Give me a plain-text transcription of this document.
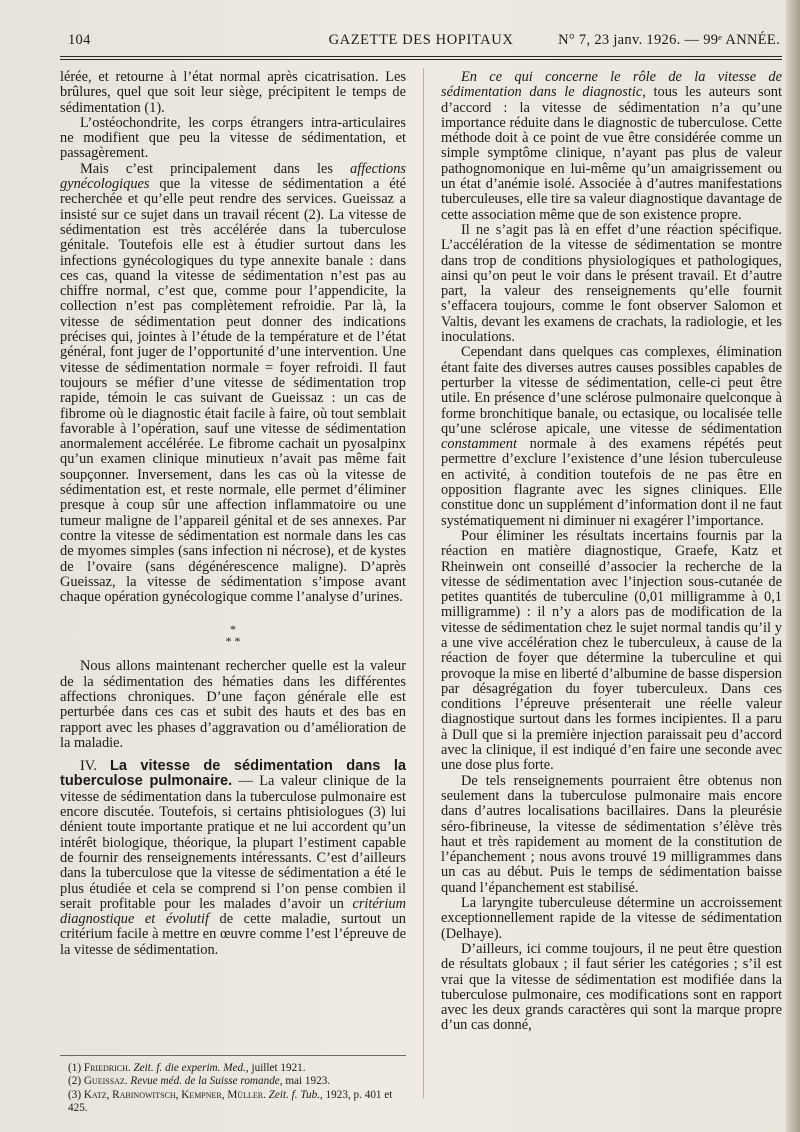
104	GAZETTE DES HOPITAUX	N° 7, 23 janv. 1926. — 99ᵉ ANNÉE.

lérée, et retourne à l’état normal après cicatrisation. Les brûlures, quel que soit leur siège, précipitent le temps de sédimentation (1).

L’ostéochondrite, les corps étrangers intra-articulaires ne modifient que peu la vitesse de sédimentation, et passagèrement.

Mais c’est principalement dans les affections gynécologiques que la vitesse de sédimentation a été recherchée et qu’elle peut rendre des services. Gueissaz a insisté sur ce sujet dans un travail récent (2). La vitesse de sédimentation est très accélérée dans la tuberculose génitale. Toutefois elle est à étudier surtout dans les infections gynécologiques du type annexite banale : dans ces cas, quand la vitesse de sédimentation n’est pas au chiffre normal, c’est que, comme pour l’appendicite, la collection n’est pas complètement refroidie. Par là, la vitesse de sédimentation peut donner des indications précises qui, jointes à l’étude de la température et de l’état général, font juger de l’opportunité d’une intervention. Une vitesse de sédimentation normale = foyer refroidi. Il faut toujours se méfier d’une vitesse de sédimentation trop rapide, témoin le cas suivant de Gueissaz : un cas de fibrome où le diagnostic était facile à faire, où tout semblait favorable à l’opération, sauf une vitesse de sédimentation anormalement accélérée. Le fibrome cachait un pyosalpinx qu’un examen clinique minutieux n’avait pas même fait soupçonner. Inversement, dans les cas où la vitesse de sédimentation est, et reste normale, elle permet d’éliminer presque à coup sûr une affection inflammatoire ou une tumeur maligne de l’appareil génital et de ses annexes. Par contre la vitesse de sédimentation est normale dans les cas de myomes simples (sans infection ni nécrose), et de kystes de l’ovaire (sans dégénérescence maligne). D’après Gueissaz, la vitesse de sédimentation s’impose avant chaque opération gynécologique comme l’analyse d’urines.

*
* *

Nous allons maintenant rechercher quelle est la valeur de la sédimentation des hématies dans les différentes affections chroniques. D’une façon générale elle est perturbée dans ces cas et subit des hauts et des bas en rapport avec les phases d’aggravation ou d’amélioration de la maladie.

IV. La vitesse de sédimentation dans la tuberculose pulmonaire. — La valeur clinique de la vitesse de sédimentation dans la tuberculose pulmonaire est encore discutée. Toutefois, si certains phtisiologues (3) lui dénient toute importante pratique et ne lui accordent qu’un intérêt biologique, théorique, la plupart l’estiment capable de fournir des renseignements intéressants. C’est d’ailleurs dans la tuberculose que la vitesse de sédimentation a été le plus étudiée et cela se comprend si l’on pense combien il serait profitable pour les malades d’avoir un critérium diagnostique et évolutif de cette maladie, surtout un critérium facile à mettre en œuvre comme l’est l’épreuve de la vitesse de sédimentation.

(1) Friedrich. Zeit. f. die experim. Med., juillet 1921.

(2) Gueissaz. Revue méd. de la Suisse romande, mai 1923.

(3) Katz, Rabinowitsch, Kempner, Müller. Zeit. f. Tub., 1923, p. 401 et 425.

En ce qui concerne le rôle de la vitesse de sédimentation dans le diagnostic, tous les auteurs sont d’accord : la vitesse de sédimentation n’a qu’une importance réduite dans le diagnostic de tuberculose. Cette méthode doit à ce point de vue être considérée comme un simple symptôme clinique, n’ayant pas plus de valeur pathognomonique en lui-même qu’un amaigrissement ou un état d’anémie isolé. Associée à d’autres manifestations tuberculeuses, elle tire sa valeur diagnostique davantage de cette association même que de son existence propre.

Il ne s’agit pas là en effet d’une réaction spécifique. L’accélération de la vitesse de sédimentation se montre dans trop de conditions physiologiques et pathologiques, ainsi qu’on peut le voir dans le présent travail. Et d’autre part, la valeur des renseignements qu’elle fournit s’effacera toujours, comme le font observer Salomon et Valtis, devant les examens de crachats, la radiologie, et les inoculations.

Cependant dans quelques cas complexes, élimination étant faite des diverses autres causes possibles capables de perturber la vitesse de sédimentation, celle-ci peut être utile. En présence d’une sclérose pulmonaire quelconque à forme bronchitique banale, ou ectasique, ou localisée telle qu’une sclérose apicale, une vitesse de sédimentation constamment normale à des examens répétés peut permettre d’exclure l’existence d’une lésion tuberculeuse en activité, à condition toutefois de ne pas être en opposition flagrante avec les signes cliniques. Elle constitue donc un supplément d’information dont il ne faut systématiquement ni diminuer ni exagérer l’importance.

Pour éliminer les résultats incertains fournis par la réaction en matière diagnostique, Graefe, Katz et Rheinwein ont conseillé d’associer la recherche de la vitesse de sédimentation avec l’injection sous-cutanée de petites quantités de tuberculine (0,01 milligramme à 0,1 milligramme) : il n’y a alors pas de modification de la vitesse de sédimentation chez le sujet normal tandis qu’il y a une vive accélération chez le tuberculeux, à cause de la réaction de foyer que détermine la tuberculine et qui provoque la mise en liberté d’albumine de basse dispersion par désagrégation du foyer tuberculeux. Dans ces conditions l’épreuve présenterait une réelle valeur diagnostique surtout dans les formes incipientes. Il a paru à Dull que si la première injection paraissait peu d’accord avec la clinique, il est indiqué d’en faire une seconde avec une dose plus forte.

De tels renseignements pourraient être obtenus non seulement dans la tuberculose pulmonaire mais encore dans d’autres localisations bacillaires. Dans la pleurésie séro-fibrineuse, la vitesse de sédimentation s’élève très haut et très rapidement au moment de la constitution de l’épanchement ; nous avons trouvé 19 milligrammes dans un cas au début. Puis le temps de sédimentation baisse quand l’épanchement est stabilisé.

La laryngite tuberculeuse détermine un accroissement exceptionnellement rapide de la vitesse de sédimentation (Delhaye).

D’ailleurs, ici comme toujours, il ne peut être question de résultats globaux ; il faut sérier les catégories ; s’il est vrai que la vitesse de sédimentation est modifiée dans la tuberculose pulmonaire, ces modifications sont en rapport avec les deux grands caractères qui sont la marque propre d’un cas donné,
